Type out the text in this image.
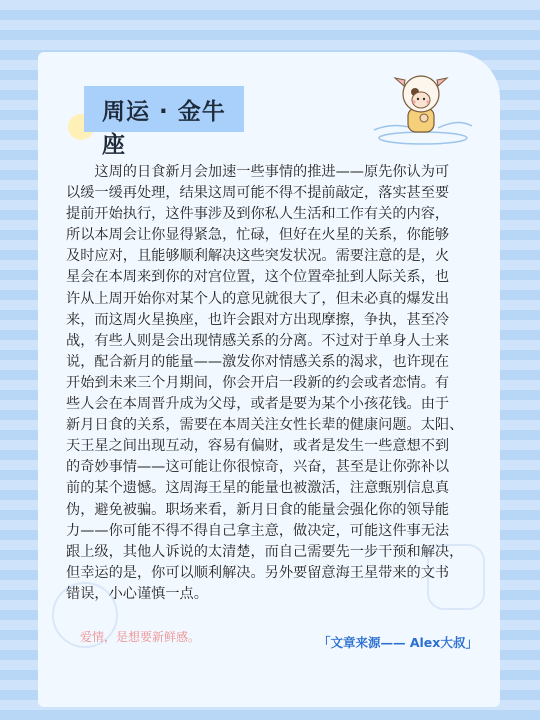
周运 · 金牛座
　　这周的日食新月会加速一些事情的推进——原先你认为可
以缓一缓再处理，结果这周可能不得不提前敲定，落实甚至要
提前开始执行，这件事涉及到你私人生活和工作有关的内容，
所以本周会让你显得紧急，忙碌，但好在火星的关系，你能够
及时应对，且能够顺利解决这些突发状况。需要注意的是，火
星会在本周来到你的对宫位置，这个位置牵扯到人际关系，也
许从上周开始你对某个人的意见就很大了，但未必真的爆发出
来，而这周火星换座，也许会跟对方出现摩擦，争执，甚至冷
战，有些人则是会出现情感关系的分离。不过对于单身人士来
说，配合新月的能量——激发你对情感关系的渴求，也许现在
开始到未来三个月期间，你会开启一段新的约会或者恋情。有
些人会在本周晋升成为父母，或者是要为某个小孩花钱。由于
新月日食的关系，需要在本周关注女性长辈的健康问题。太阳、
天王星之间出现互动，容易有偏财，或者是发生一些意想不到
的奇妙事情——这可能让你很惊奇，兴奋，甚至是让你弥补以
前的某个遗憾。这周海王星的能量也被激活，注意甄别信息真
伪，避免被骗。职场来看，新月日食的能量会强化你的领导能
力——你可能不得不得自己拿主意，做决定，可能这件事无法
跟上级，其他人诉说的太清楚，而自己需要先一步干预和解决，
但幸运的是，你可以顺利解决。另外要留意海王星带来的文书
错误，小心谨慎一点。
爱情，是想要新鲜感。	「文章来源—— Alex大叔」
